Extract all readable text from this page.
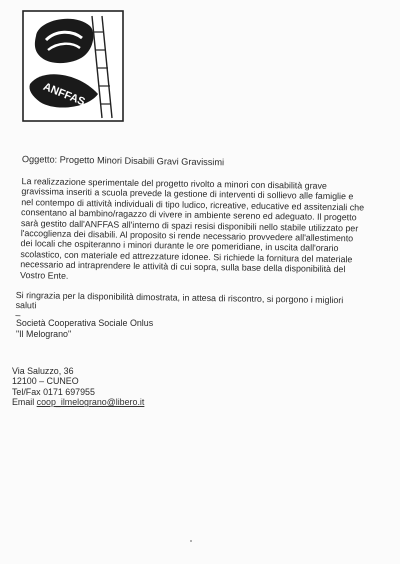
ANFFAS

Oggetto: Progetto Minori Disabili Gravi Gravissimi

La realizzazione sperimentale del progetto rivolto a minori con disabilità grave gravissima inseriti a scuola prevede la gestione di interventi di sollievo alle famiglie e nel contempo di attività individuali di tipo ludico, ricreative, educative ed assitenziali che consentano al bambino/ragazzo di vivere in ambiente sereno ed adeguato. Il progetto sarà gestito dall'ANFFAS all'interno di spazi resisi disponibili nello stabile utilizzato per l'accoglienza dei disabili. Al proposito si rende necessario provvedere all'allestimento dei locali che ospiteranno i minori durante le ore pomeridiane, in uscita dall'orario scolastico, con materiale ed attrezzature idonee. Si richiede la fornitura del materiale necessario ad intraprendere le attività di cui sopra, sulla base della disponibilità del Vostro Ente.

Si ringrazia per la disponibilità dimostrata, in attesa di riscontro, si porgono i migliori saluti

–

Società Cooperativa Sociale Onlus
"Il Melograno"
Via Saluzzo, 36
12100 – CUNEO
Tel/Fax 0171 697955
Email coop_ilmelograno@libero.it
